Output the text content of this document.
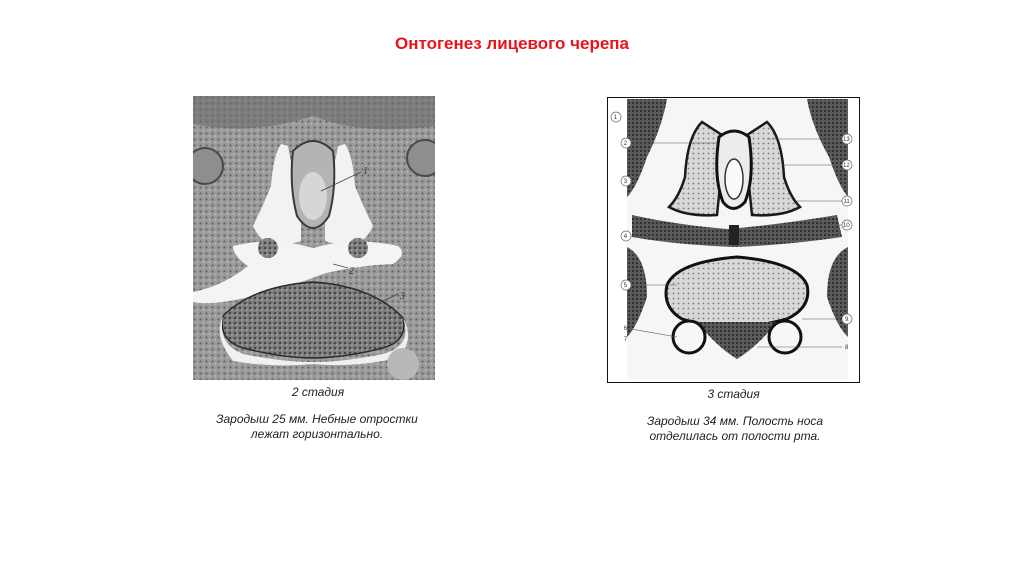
Онтогенез лицевого черепа
1
2
3
2 стадия
Зародыш 25 мм. Небные отростки
лежат горизонтально.
1
2
3
4
5
6
7
13
12
11
10
9
8
3 стадия
Зародыш 34 мм. Полость носа
отделилась от полости рта.
